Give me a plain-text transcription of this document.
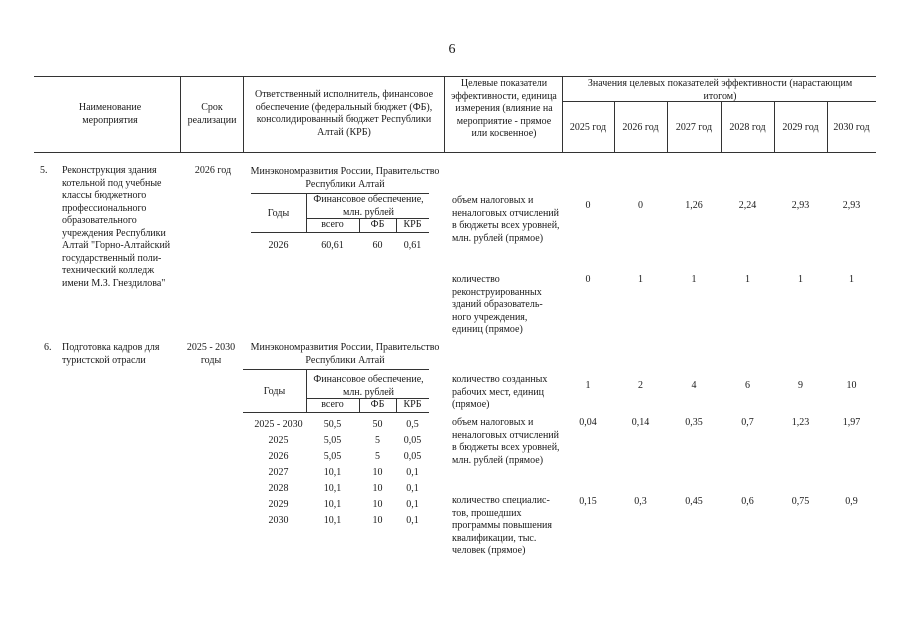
6
Наименование мероприятия
Срок реализации
Ответственный исполнитель, финансовое обеспечение (федеральный бюджет (ФБ), консолидированный бюджет Республики Алтай (КРБ)
Целевые показатели эффективности, единица измерения (влияние на мероприятие - прямое или косвенное)
Значения целевых показателей эффективности (нарастающим итогом)
2025 год	2026 год	2027 год	2028 год	2029 год	2030 год
5. Реконструкция здания котельной под учебные классы бюджетного профессионального образовательного учреждения Республики Алтай "Горно-Алтайский государственный поли-технический колледж имени М.З. Гнездилова"
2026 год	Минэкономразвития России, Правительство Республики Алтай
Годы
Финансовое обеспечение, млн. рублей
всего	ФБ	КРБ
2026	60,61	60	0,61
объем налоговых и неналоговых отчислений в бюджеты всех уровней, млн. рублей (прямое)
0	0	1,26	2,24	2,93	2,93
количество реконструированных зданий образователь-ного учреждения, единиц (прямое)
0	1	1	1	1	1
6. Подготовка кадров для туристской отрасли
2025 - 2030 годы
Минэкономразвития России, Правительство Республики Алтай
Годы
Финансовое обеспечение, млн. рублей
всего	ФБ	КРБ
2025 - 2030	50,5	50	0,5
2025	5,05	5	0,05
2026	5,05	5	0,05
2027	10,1	10	0,1
2028	10,1	10	0,1
2029	10,1	10	0,1
2030	10,1	10	0,1
количество созданных рабочих мест, единиц (прямое)
1	2	4	6	9	10
объем налоговых и неналоговых отчислений в бюджеты всех уровней, млн. рублей (прямое)
0,04	0,14	0,35	0,7	1,23	1,97
количество специалис-тов, прошедших программы повышения квалификации, тыс. человек (прямое)
0,15	0,3	0,45	0,6	0,75	0,9
